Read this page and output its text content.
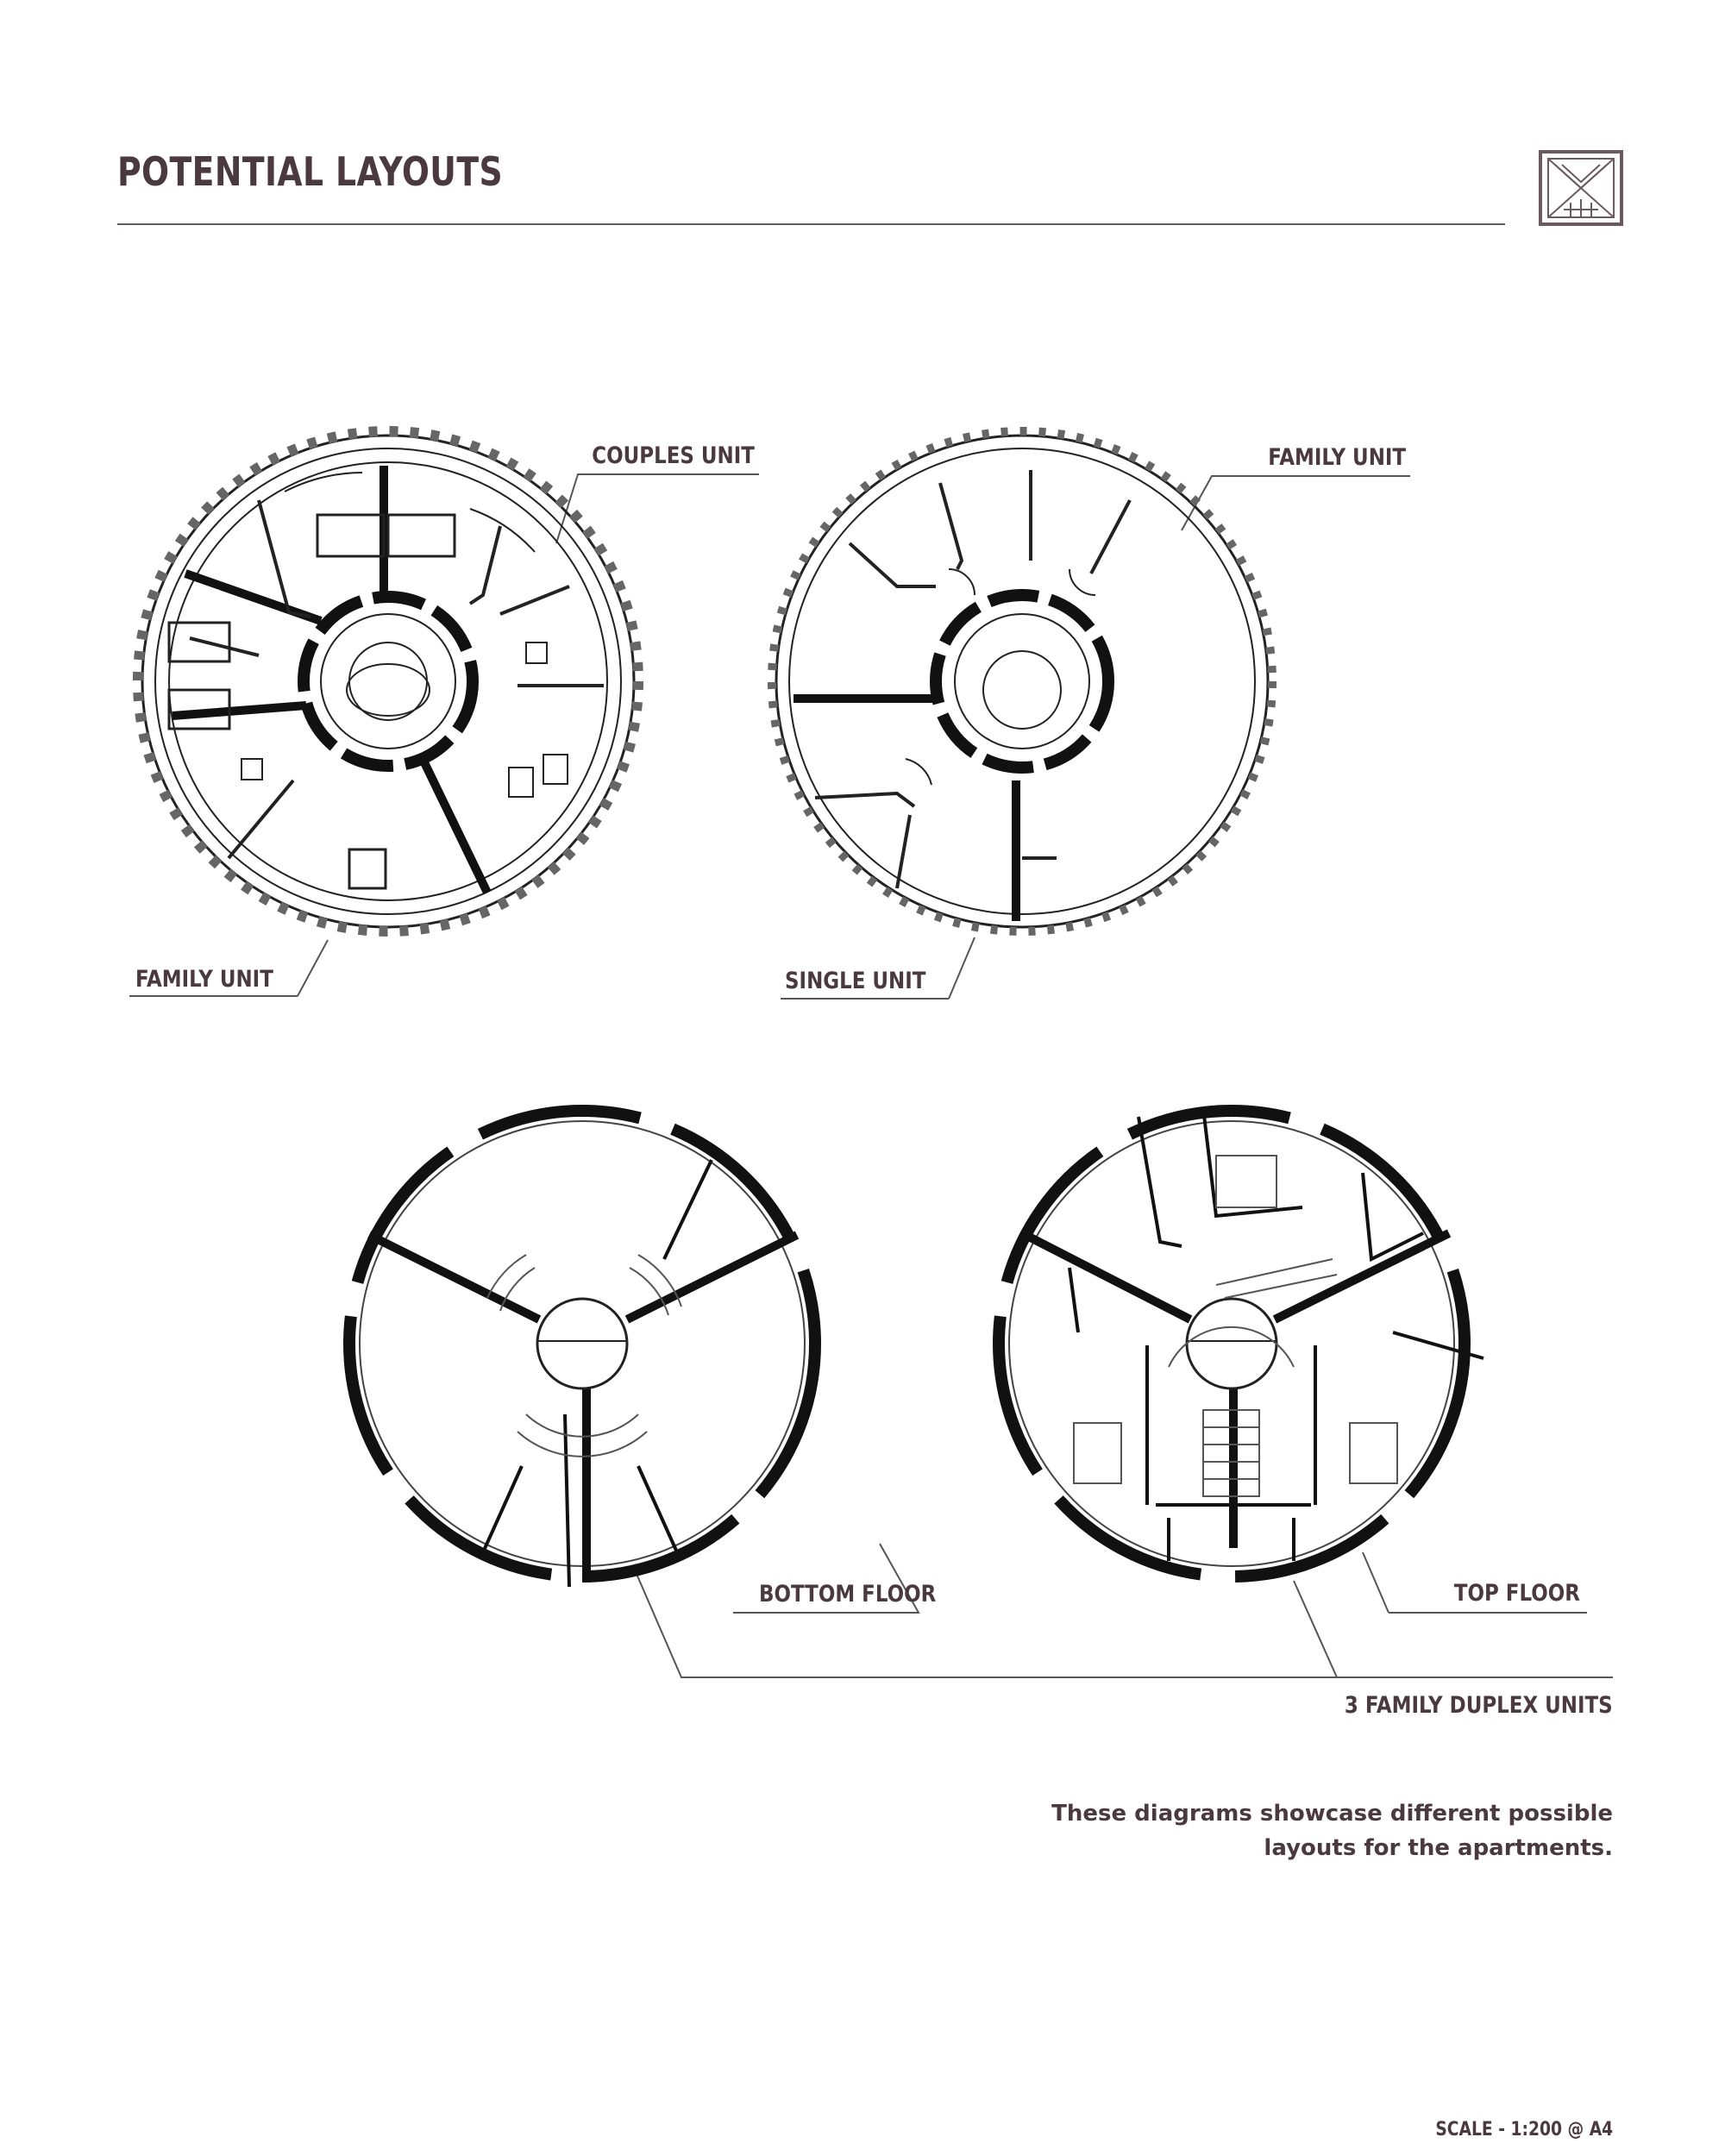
POTENTIAL LAYOUTS
COUPLES UNIT	FAMILY UNIT
FAMILY UNIT	SINGLE UNIT
BOTTOM FLOOR	TOP FLOOR
3 FAMILY DUPLEX UNITS
These diagrams showcase different possible
layouts for the apartments.
SCALE - 1:200 @ A4
